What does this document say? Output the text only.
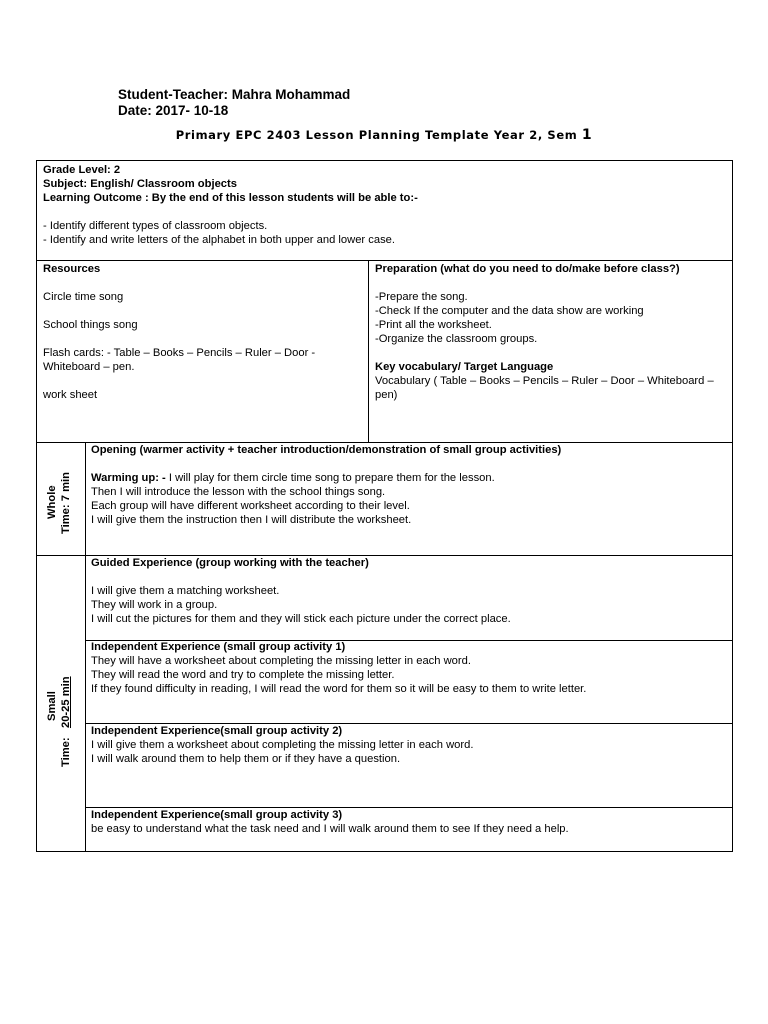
Student-Teacher: Mahra Mohammad
Date: 2017- 10-18
Primary EPC 2403 Lesson Planning Template Year 2, Sem 1
Grade Level: 2
Subject: English/ Classroom objects
Learning Outcome : By the end of this lesson students will be able to:-
- Identify different types of classroom objects.
- Identify and write letters of the alphabet in both upper and lower case.
Resources
Circle time song
School things song
Flash cards: - Table – Books – Pencils – Ruler – Door - Whiteboard – pen.
work sheet
Preparation (what do you need to do/make before class?)
-Prepare the song.
-Check If the computer and the data show are working
-Print all the worksheet.
-Organize the classroom groups.
Key vocabulary/ Target Language
Vocabulary ( Table – Books – Pencils – Ruler – Door – Whiteboard – pen)
Whole Time: 7 min
Opening (warmer activity + teacher introduction/demonstration of small group activities)
Warming up: - I will play for them circle time song to prepare them for the lesson.
Then I will introduce the lesson with the school things song.
Each group will have different worksheet according to their level.
I will give them the instruction then I will distribute the worksheet.
Small
Time:   20-25 min
Guided Experience (group working with the teacher)
I will give them a matching worksheet.
They will work in a group.
I will cut the pictures for them and they will stick each picture under the correct place.
Independent Experience (small group activity 1)
They will have a worksheet about completing the missing letter in each word.
They will read the word and try to complete the missing letter.
If they found difficulty in reading, I will read the word for them so it will be easy to them to write letter.
Independent Experience(small group activity 2)
I will give them a worksheet about completing the missing letter in each word.
I will walk around them to help them or if they have a question.
Independent Experience(small group activity 3)
be easy to understand what the task need and I will walk around them to see If they need a help.
